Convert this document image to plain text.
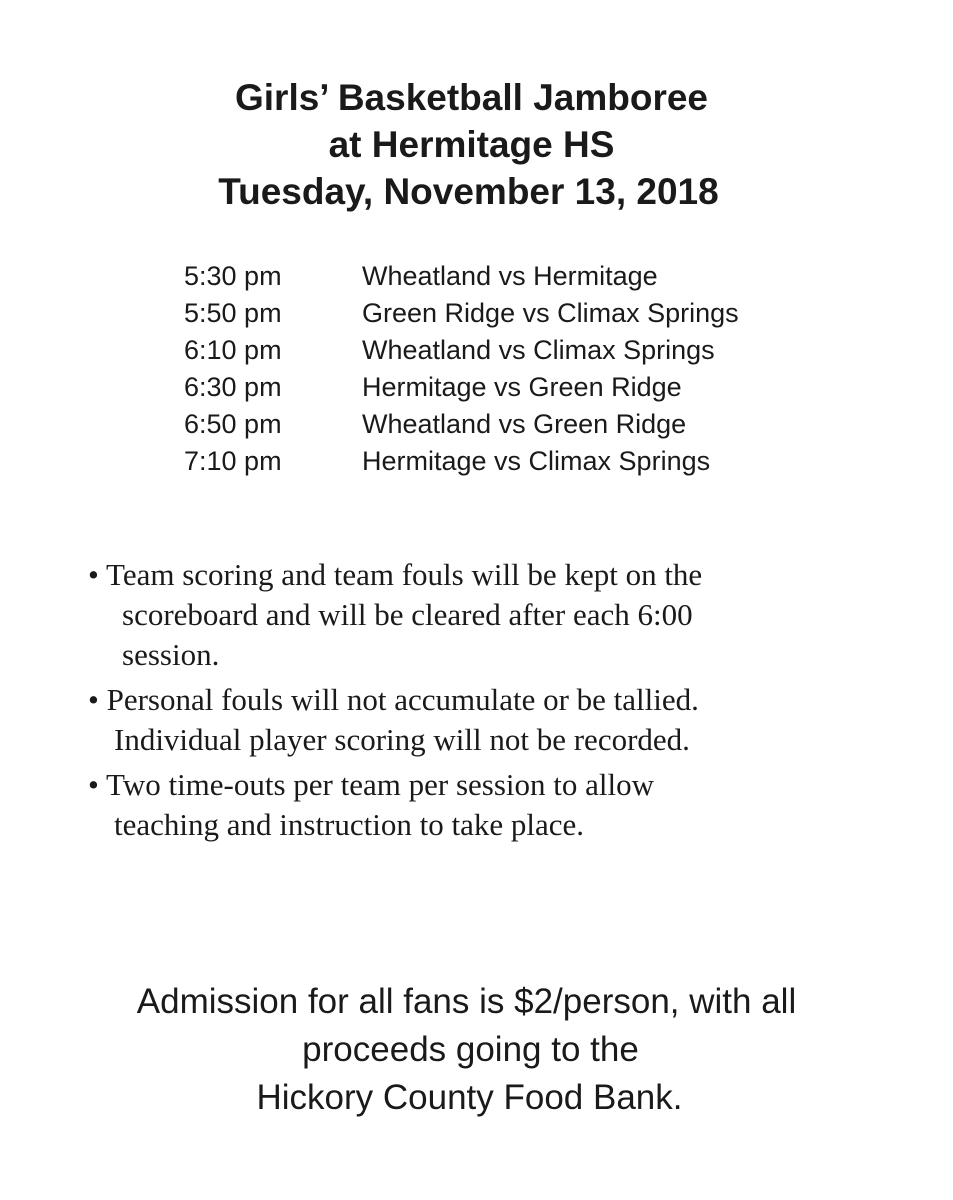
Girls’ Basketball Jamboree
at Hermitage HS
Tuesday, November 13, 2018
5:30 pm	Wheatland vs Hermitage
5:50 pm	Green Ridge vs Climax Springs
6:10 pm	Wheatland vs Climax Springs
6:30 pm	Hermitage vs Green Ridge
6:50 pm	Wheatland vs Green Ridge
7:10 pm	Hermitage vs Climax Springs
• Team scoring and team fouls will be kept on the
scoreboard and will be cleared after each 6:00
session.
• Personal fouls will not accumulate or be tallied.
Individual player scoring will not be recorded.
• Two time-outs per team per session to allow
teaching and instruction to take place.
Admission for all fans is $2/person, with all
proceeds going to the
Hickory County Food Bank.
